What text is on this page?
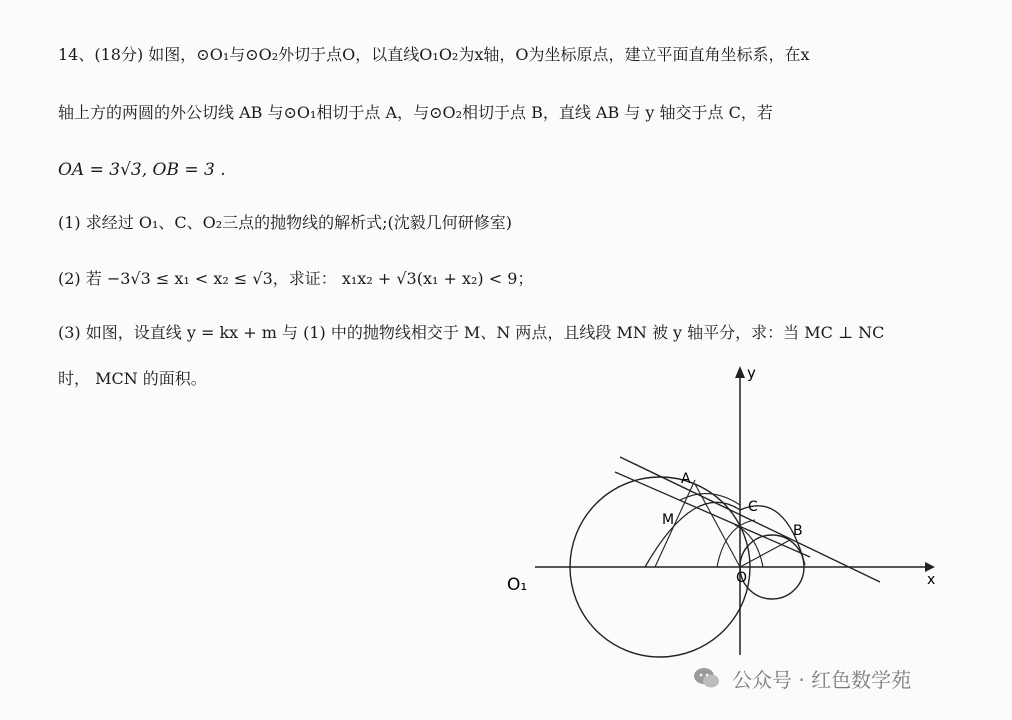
14、(18分) 如图，⊙O₁与⊙O₂外切于点O，以直线O₁O₂为x轴，O为坐标原点，建立平面直角坐标系，在x
轴上方的两圆的外公切线 AB 与⊙O₁相切于点 A，与⊙O₂相切于点 B，直线 AB 与 y 轴交于点 C，若
OA = 3√3, OB = 3 .
(1) 求经过 O₁、C、O₂三点的抛物线的解析式;(沈毅几何研修室)
(2) 若 −3√3 ≤ x₁ < x₂ ≤ √3，求证： x₁x₂ + √3(x₁ + x₂) < 9；
(3) 如图，设直线 y = kx + m 与 (1) 中的抛物线相交于 M、N 两点，且线段 MN 被 y 轴平分，求：当 MC ⊥ NC
时， MCN 的面积。	y
x
A
C
B
M
O
O₁
公众号 · 红色数学苑
